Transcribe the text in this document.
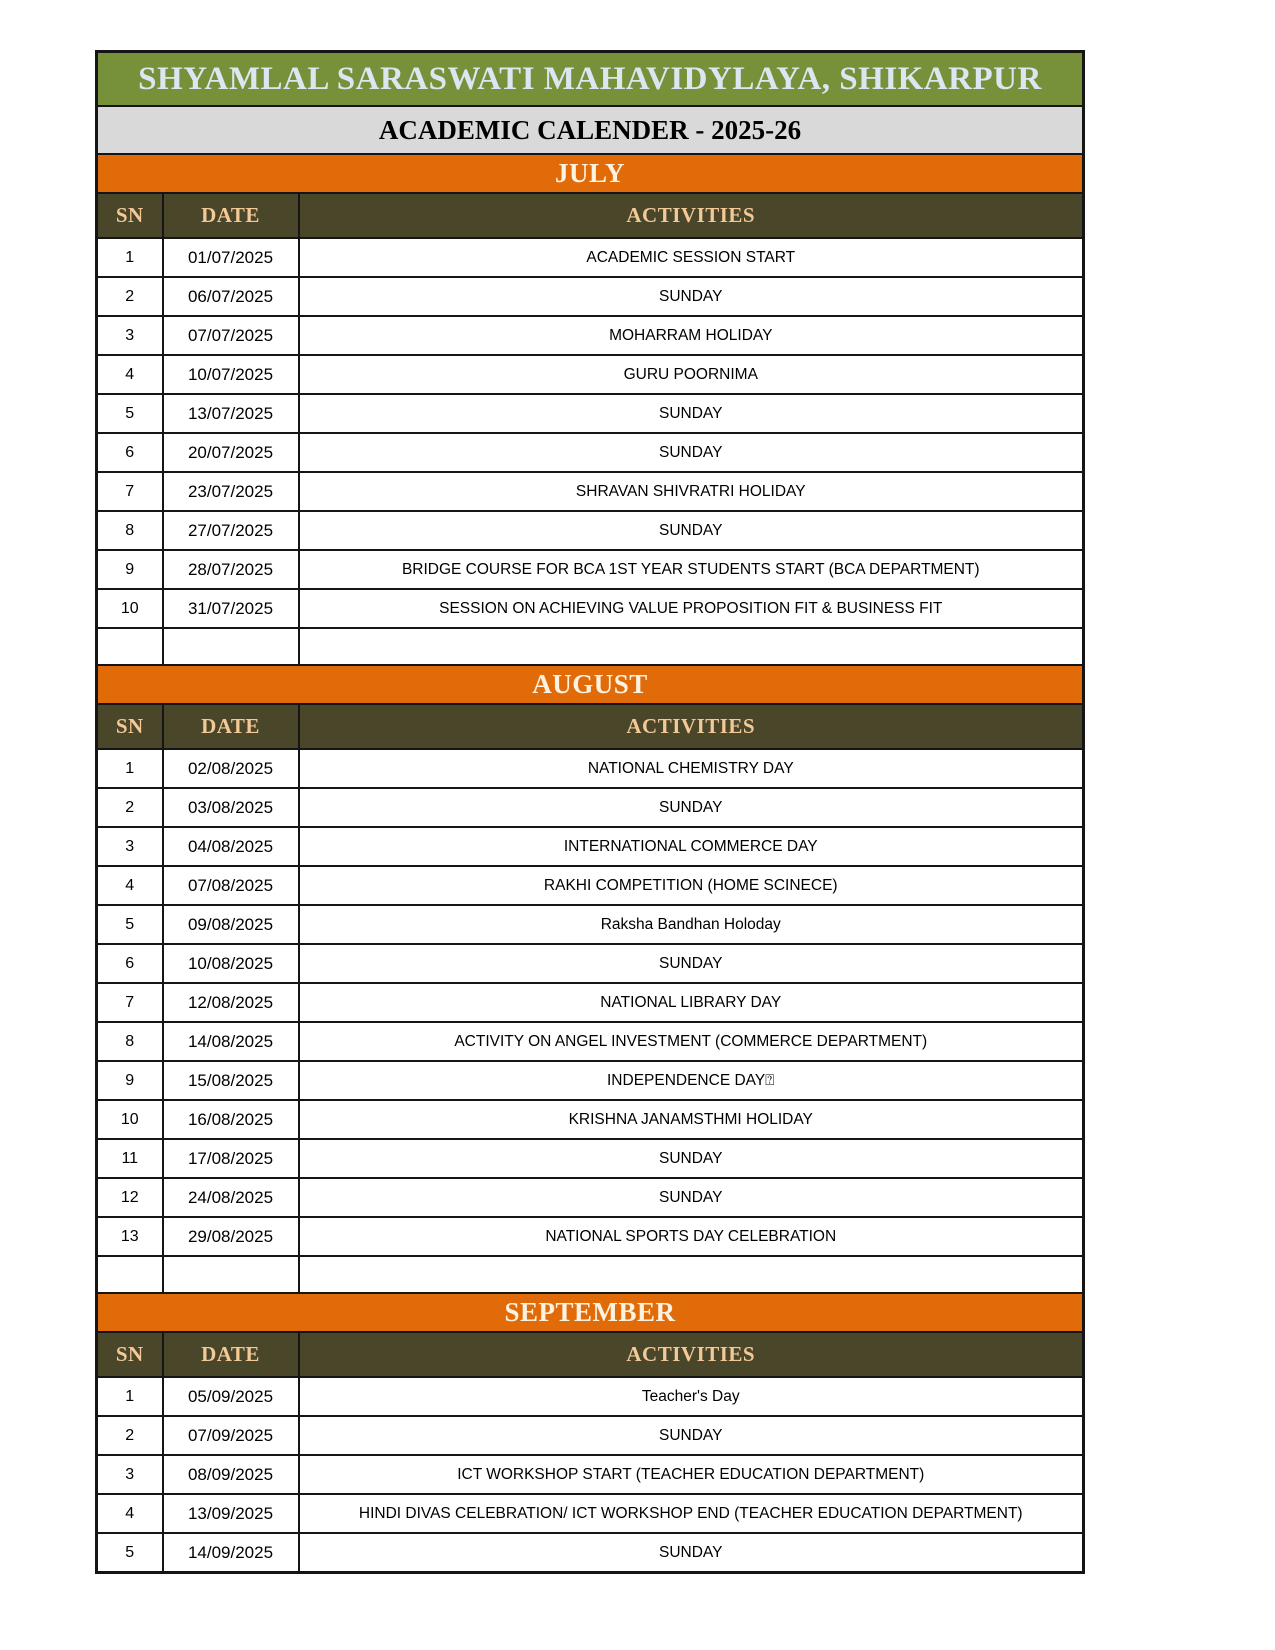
SHYAMLAL SARASWATI MAHAVIDYLAYA, SHIKARPUR		
ACADEMIC CALENDER - 2025-26		
JULY		
SN	DATE	ACTIVITIES
1	01/07/2025	ACADEMIC SESSION START
2	06/07/2025	SUNDAY
3	07/07/2025	MOHARRAM HOLIDAY
4	10/07/2025	GURU POORNIMA
5	13/07/2025	SUNDAY
6	20/07/2025	SUNDAY
7	23/07/2025	SHRAVAN SHIVRATRI HOLIDAY
8	27/07/2025	SUNDAY
9	28/07/2025	BRIDGE COURSE FOR BCA 1ST YEAR STUDENTS START (BCA DEPARTMENT)
10	31/07/2025	SESSION ON ACHIEVING VALUE PROPOSITION FIT & BUSINESS FIT

AUGUST		
SN	DATE	ACTIVITIES
1	02/08/2025	NATIONAL CHEMISTRY DAY
2	03/08/2025	SUNDAY
3	04/08/2025	INTERNATIONAL COMMERCE DAY
4	07/08/2025	RAKHI COMPETITION (HOME SCINECE)
5	09/08/2025	Raksha Bandhan Holoday
6	10/08/2025	SUNDAY
7	12/08/2025	NATIONAL LIBRARY DAY
8	14/08/2025	ACTIVITY ON ANGEL INVESTMENT (COMMERCE DEPARTMENT)
9	15/08/2025	INDEPENDENCE DAY⍰
10	16/08/2025	KRISHNA JANAMSTHMI HOLIDAY
11	17/08/2025	SUNDAY
12	24/08/2025	SUNDAY
13	29/08/2025	NATIONAL SPORTS DAY CELEBRATION

SEPTEMBER		
SN	DATE	ACTIVITIES
1	05/09/2025	Teacher's Day
2	07/09/2025	SUNDAY
3	08/09/2025	ICT WORKSHOP START (TEACHER EDUCATION DEPARTMENT)
4	13/09/2025	HINDI DIVAS CELEBRATION/ ICT WORKSHOP END (TEACHER EDUCATION DEPARTMENT)
5	14/09/2025	SUNDAY
